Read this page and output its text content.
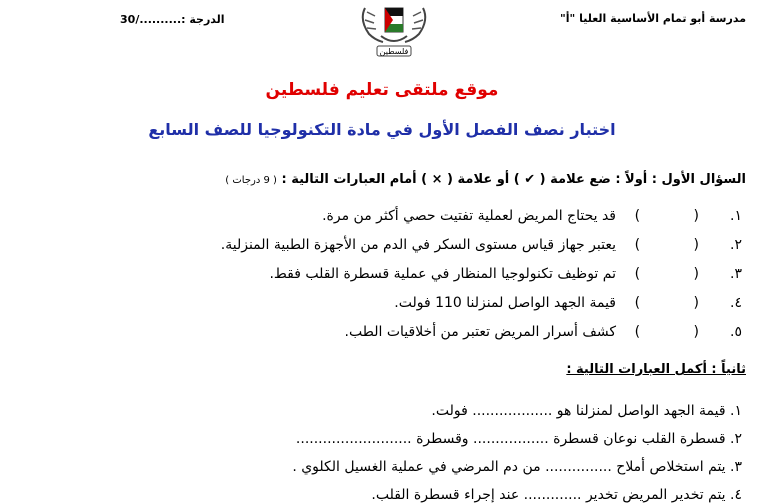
مدرسة أبو تمام الأساسية العليا "أ"
الدرجة :........../30
فلسطين
موقع ملتقى تعليم فلسطين
اختبار نصف الفصل الأول في مادة التكنولوجيا للصف السابع
السؤال الأول : أولاً : ضع علامة ( ✔ ) أو علامة ( × ) أمام العبارات التالية : ( 9 درجات )
١.
(            )
قد يحتاج المريض لعملية تفتيت حصي أكثر من مرة.
٢.
(            )
يعتبر جهاز قياس مستوى السكر في الدم من الأجهزة الطبية المنزلية.
٣.
(            )
تم توظيف تكنولوجيا المنظار في عملية قسطرة القلب فقط.
٤.
(            )
قيمة الجهد الواصل لمنزلنا 110 فولت.
٥.
(            )
كشف أسرار المريض تعتبر من أخلاقيات الطب.
ثانياً : أكمل العبارات التالية :
١. قيمة الجهد الواصل لمنزلنا هو .................. فولت.
٢. قسطرة القلب نوعان قسطرة ................. وقسطرة ..........................
٣. يتم استخلاص أملاح ............... من دم المرضي في عملية الغسيل الكلوي .
٤. يتم تخدير المريض تخدير ............. عند إجراء قسطرة القلب.
